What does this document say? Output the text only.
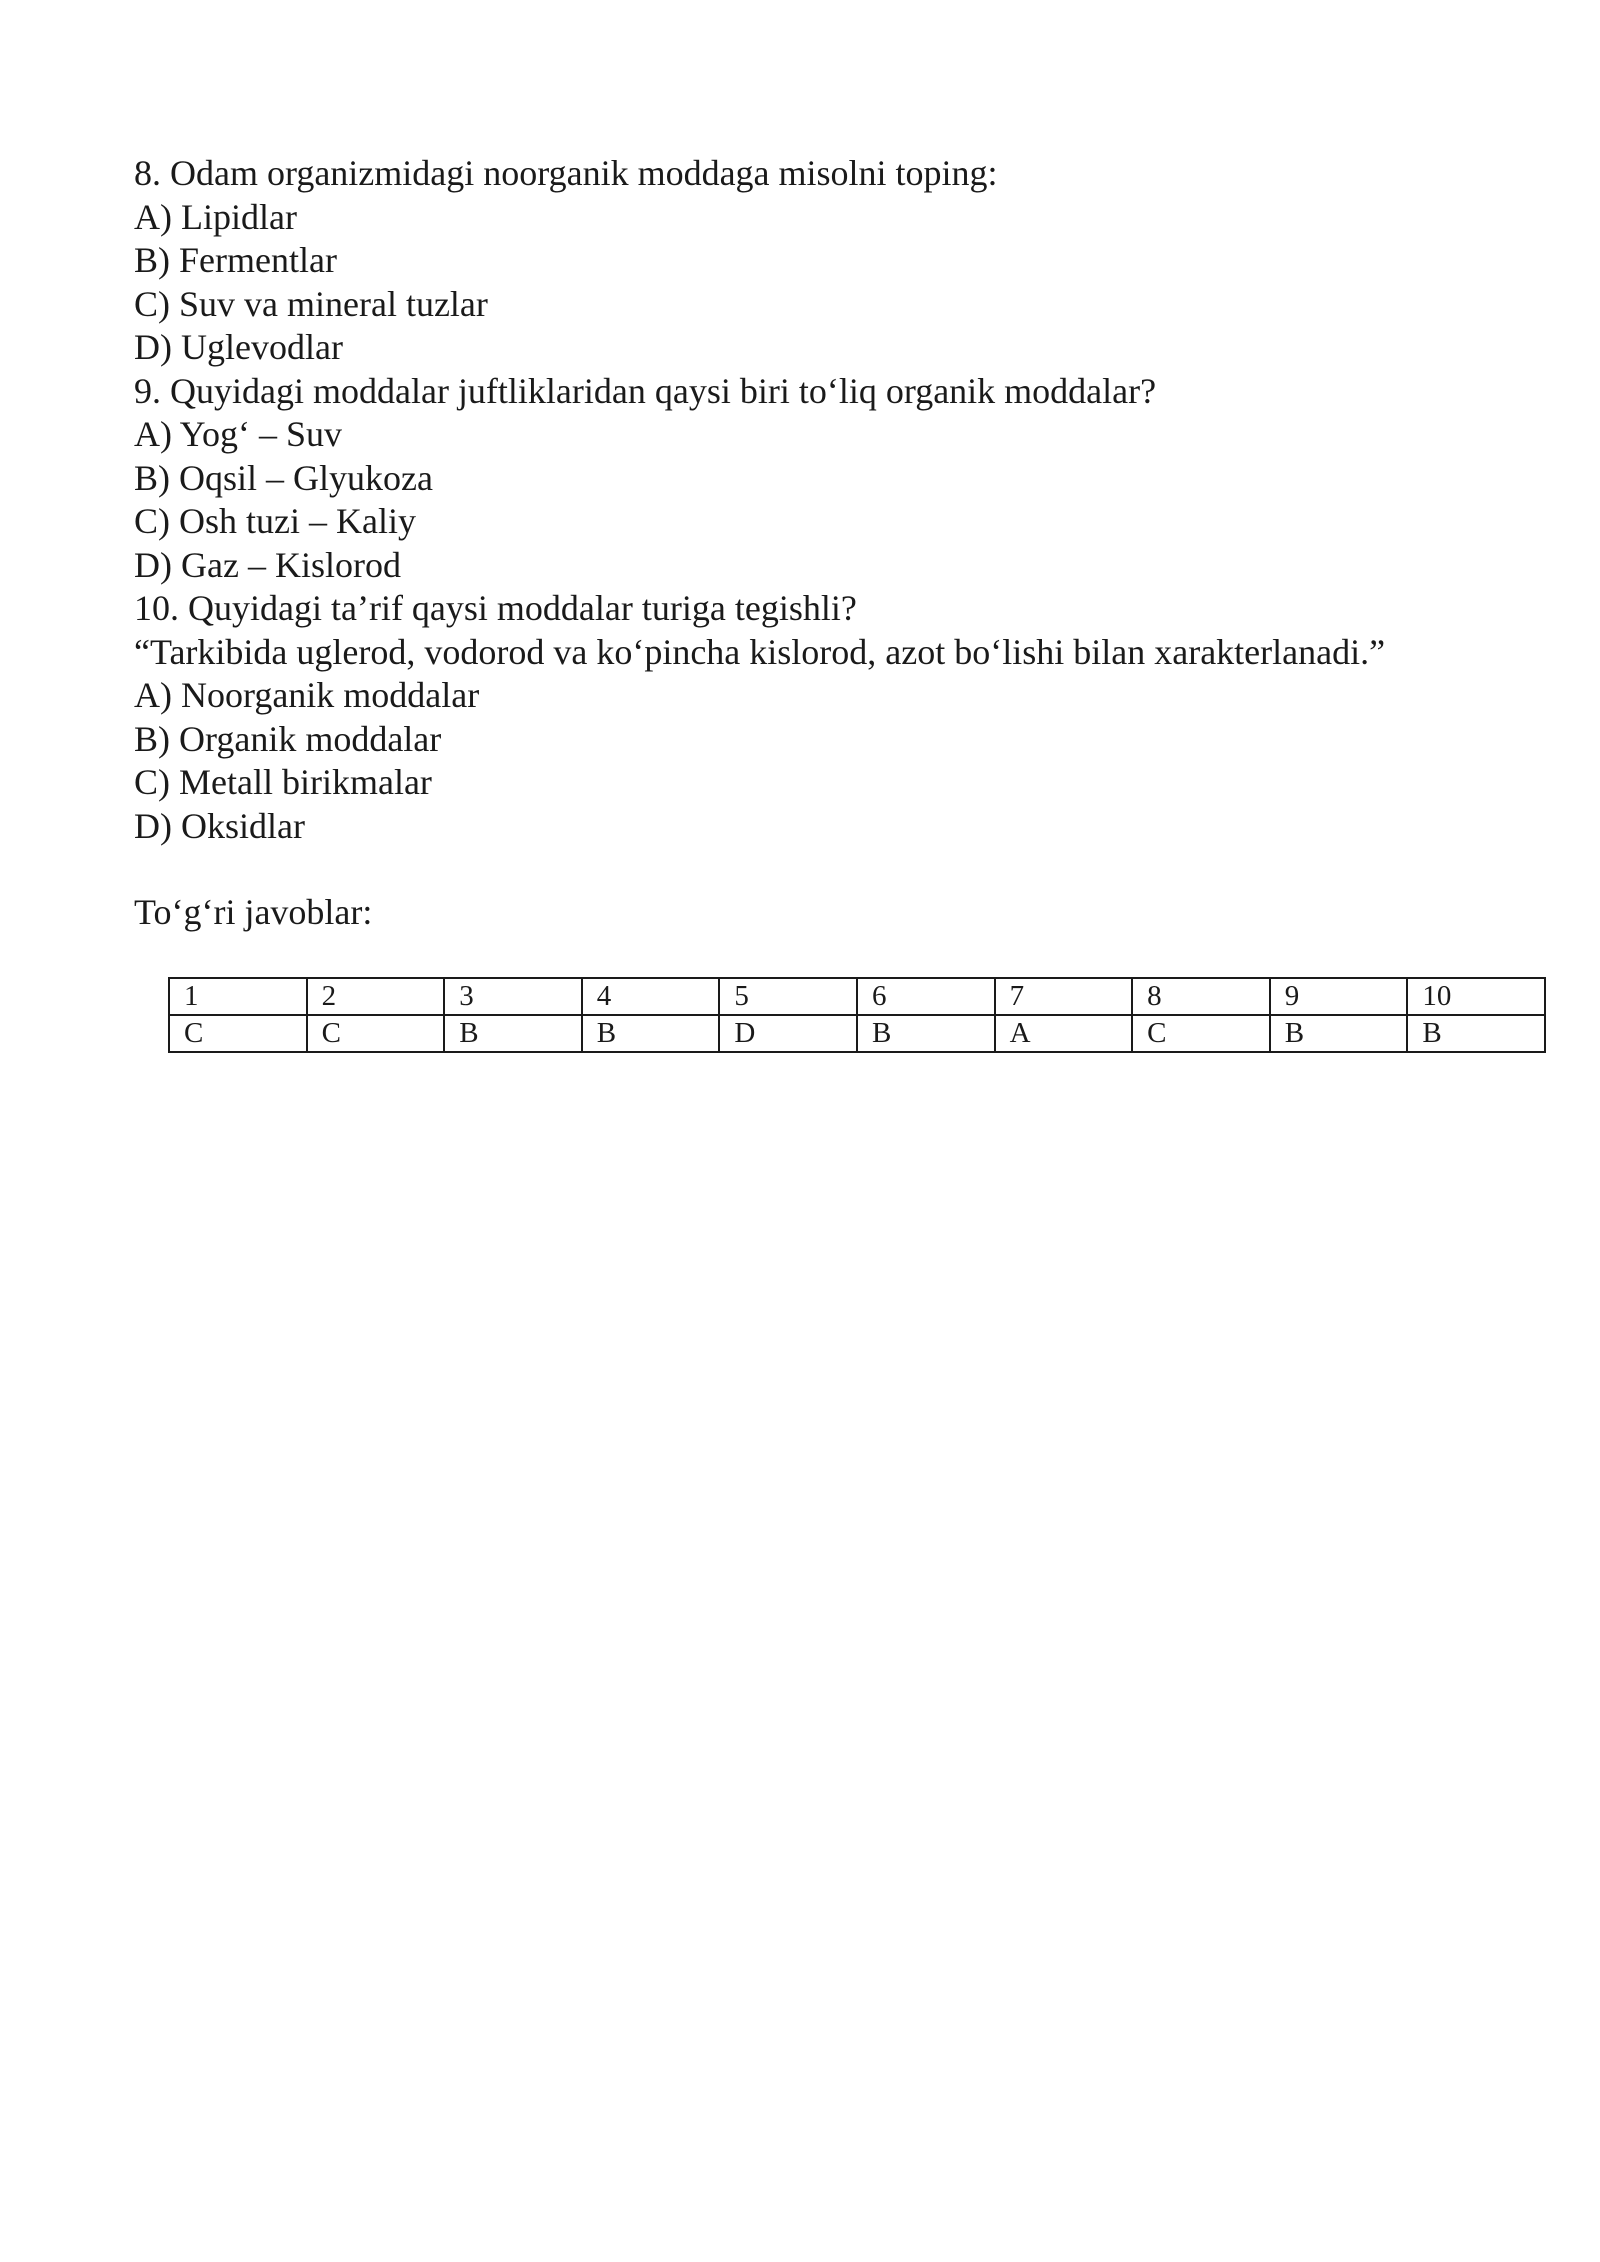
8. Odam organizmidagi noorganik moddaga misolni toping:
A) Lipidlar
B) Fermentlar
C) Suv va mineral tuzlar
D) Uglevodlar
9. Quyidagi moddalar juftliklaridan qaysi biri to‘liq organik moddalar?
A) Yog‘ – Suv
B) Oqsil – Glyukoza
C) Osh tuzi – Kaliy
D) Gaz – Kislorod
10. Quyidagi ta’rif qaysi moddalar turiga tegishli?
“Tarkibida uglerod, vodorod va ko‘pincha kislorod, azot bo‘lishi bilan xarakterlanadi.”
A) Noorganik moddalar
B) Organik moddalar
C) Metall birikmalar
D) Oksidlar
To‘g‘ri javoblar:
1	2	3	4	5	6	7	8	9	10
C	C	B	B	D	B	A	C	B	B
